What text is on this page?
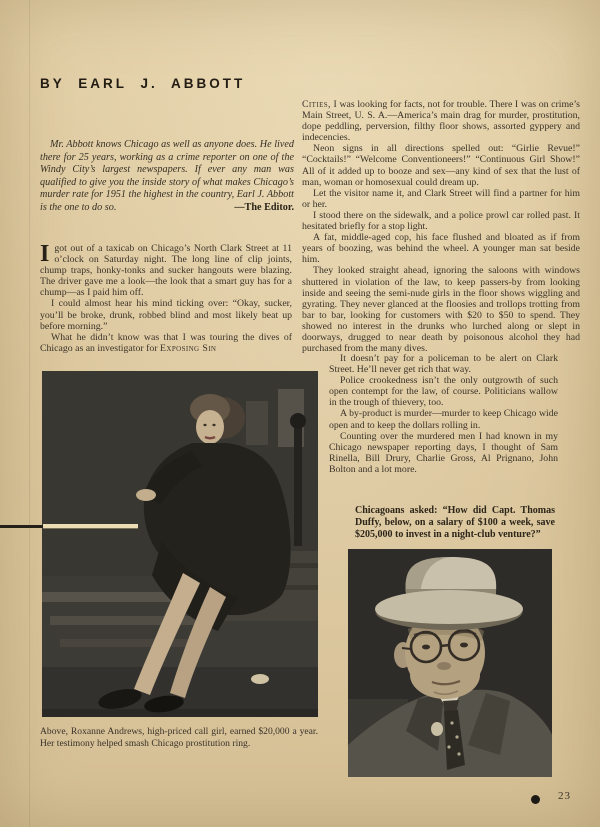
BY EARL J. ABBOTT
Mr. Abbott knows Chicago as well as anyone does. He lived there for 25 years, working as a crime reporter on one of the Windy City’s largest newspapers. If ever any man was qualified to give you the inside story of what makes Chicago’s murder rate for 1951 the highest in the country, Earl J. Abbott is the one to do so.	—The Editor.

I got out of a taxicab on Chicago’s North Clark Street at 11 o’clock on Saturday night. The long line of clip joints, chump traps, honky-tonks and sucker hangouts were blazing. The driver gave me a look—the look that a smart guy has for a chump—as I paid him off.

I could almost hear his mind ticking over: “Okay, sucker, you’ll be broke, drunk, robbed blind and most likely beat up before morning.”

What he didn’t know was that I was touring the dives of Chicago as an investigator for Exposing Sin

Cities, I was looking for facts, not for trouble. There I was on crime’s Main Street, U. S. A.—America’s main drag for murder, prostitution, dope peddling, perversion, filthy floor shows, assorted gyppery and indecencies.

Neon signs in all directions spelled out: “Girlie Revue!” “Cocktails!” “Welcome Conventioneers!” “Continuous Girl Show!” All of it added up to booze and sex—any kind of sex that the lust of man, woman or homosexual could dream up.

Let the visitor name it, and Clark Street will find a partner for him or her.

I stood there on the sidewalk, and a police prowl car rolled past. It hesitated briefly for a stop light.

A fat, middle-aged cop, his face flushed and bloated as if from years of boozing, was behind the wheel. A younger man sat beside him.

They looked straight ahead, ignoring the saloons with windows shuttered in violation of the law, to keep passers-by from looking inside and seeing the semi-nude girls in the floor shows wiggling and gyrating. They never glanced at the floosies and trollops trotting from bar to bar, looking for customers with $20 to $50 to spend. They showed no interest in the drunks who lurched along or slept in doorways, drugged to near death by poisonous alcohol they had purchased from the many dives.

It doesn’t pay for a policeman to be alert on Clark Street. He’ll never get rich that way.

Police crookedness isn’t the only outgrowth of such open contempt for the law, of course. Politicians wallow in the trough of thievery, too.

A by-product is murder—murder to keep Chicago wide open and to keep the dollars rolling in.

Counting over the murdered men I had known in my Chicago newspaper reporting days, I thought of Sam Rinella, Bill Drury, Charlie Gross, Al Prignano, John Bolton and a lot more.

Chicagoans asked: “How did Capt. Thomas Duffy, below, on a salary of $100 a week, save $205,000 to invest in a night-club venture?”
Above, Roxanne Andrews, high-priced call girl, earned $20,000 a year. Her testimony helped smash Chicago prostitution ring.
23
